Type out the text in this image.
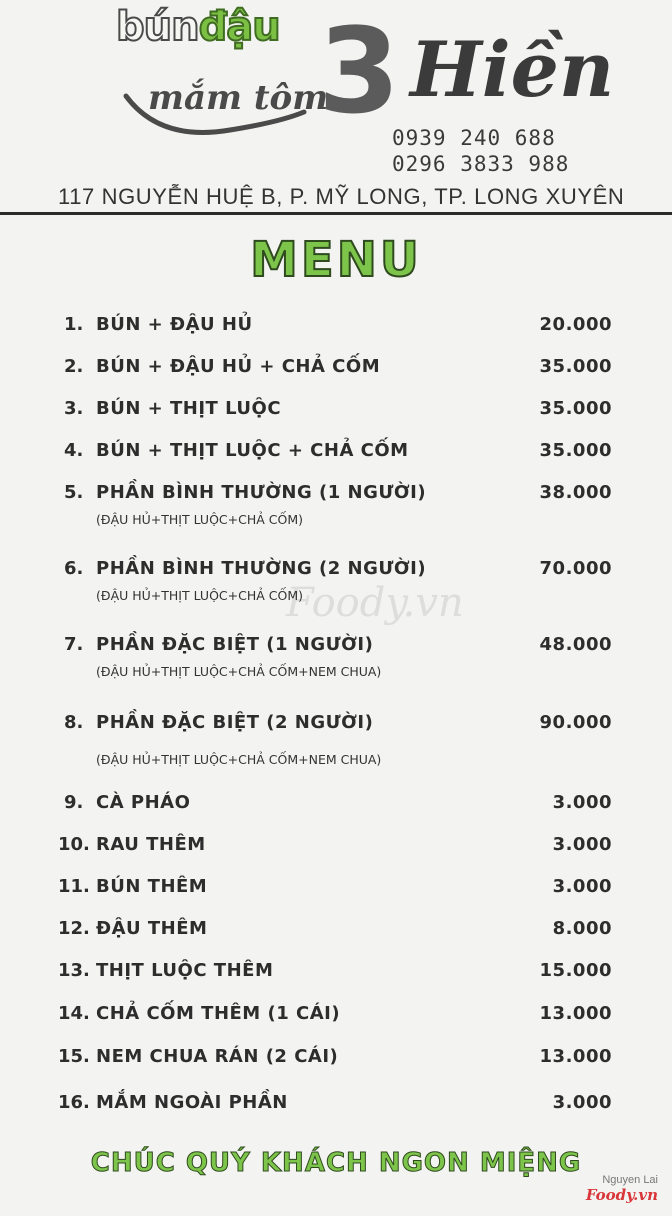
búnđậu
mắm tôm
3 Hiền
0939 240 688
0296 3833 988
117 NGUYỄN HUỆ B, P. MỸ LONG, TP. LONG XUYÊN
MENU
Foody.vn
1. BÚN + ĐẬU HỦ	20.000
2. BÚN + ĐẬU HỦ + CHẢ CỐM	35.000
3. BÚN + THỊT LUỘC	35.000
4. BÚN + THỊT LUỘC + CHẢ CỐM	35.000
5. PHẦN BÌNH THƯỜNG (1 NGƯỜI)	38.000
(ĐẬU HỦ+THỊT LUỘC+CHẢ CỐM)
6. PHẦN BÌNH THƯỜNG (2 NGƯỜI)	70.000
(ĐẬU HỦ+THỊT LUỘC+CHẢ CỐM)
7. PHẦN ĐẶC BIỆT (1 NGƯỜI)	48.000
(ĐẬU HỦ+THỊT LUỘC+CHẢ CỐM+NEM CHUA)
8. PHẦN ĐẶC BIỆT (2 NGƯỜI)	90.000
(ĐẬU HỦ+THỊT LUỘC+CHẢ CỐM+NEM CHUA)
9. CÀ PHÁO	3.000
10. RAU THÊM	3.000
11. BÚN THÊM	3.000
12. ĐẬU THÊM	8.000
13. THỊT LUỘC THÊM	15.000
14. CHẢ CỐM THÊM (1 CÁI)	13.000
15. NEM CHUA RÁN (2 CÁI)	13.000
16. MẮM NGOÀI PHẦN	3.000
CHÚC QUÝ KHÁCH NGON MIỆNG
Nguyen Lai
Foody.vn
